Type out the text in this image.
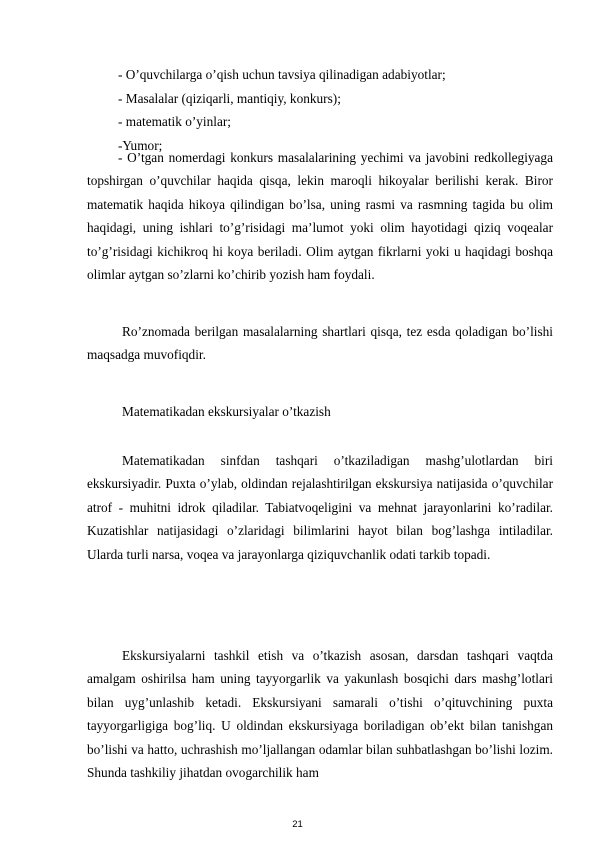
- O’quvchilarga o’qish uchun tavsiya qilinadigan adabiyotlar;
- Masalalar (qiziqarli, mantiqiy, konkurs);
- matematik o’yinlar;
-Yumor;

- O’tgan nomerdagi konkurs masalalarining yechimi va javobini redkollegiyaga topshirgan o’quvchilar haqida qisqa, lekin maroqli hikoyalar berilishi kerak. Biror matematik haqida hikoya qilindigan bo’lsa, uning rasmi va rasmning tagida bu olim haqidagi, uning ishlari to’g’risidagi ma’lumot yoki olim hayotidagi qiziq voqealar to’g’risidagi kichikroq hi koya beriladi. Olim aytgan fikrlarni yoki u haqidagi boshqa olimlar aytgan so’zlarni ko’chirib yozish ham foydali.

Ro’znomada berilgan masalalarning shartlari qisqa, tez esda qoladigan bo’lishi maqsadga muvofiqdir.

Matematikadan ekskursiyalar o’tkazish

Matematikadan sinfdan tashqari o’tkaziladigan mashg’ulotlardan biri ekskursiyadir. Puxta o’ylab, oldindan rejalashtirilgan ekskursiya natijasida o’quvchilar atrof - muhitni idrok qiladilar. Tabiatvoqeligini va mehnat jarayonlarini ko’radilar. Kuzatishlar natijasidagi o’zlaridagi bilimlarini hayot bilan bog’lashga intiladilar. Ularda turli narsa, voqea va jarayonlarga qiziquvchanlik odati tarkib topadi.

Ekskursiyalarni tashkil etish va o’tkazish asosan, darsdan tashqari vaqtda amalgam oshirilsa ham uning tayyorgarlik va yakunlash bosqichi dars mashg’lotlari bilan uyg’unlashib ketadi. Ekskursiyani samarali o’tishi o’qituvchining puxta tayyorgarligiga bog’liq. U oldindan ekskursiyaga boriladigan ob’ekt bilan tanishgan bo’lishi va hatto, uchrashish mo’ljallangan odamlar bilan suhbatlashgan bo’lishi lozim. Shunda tashkiliy jihatdan ovogarchilik ham

21
